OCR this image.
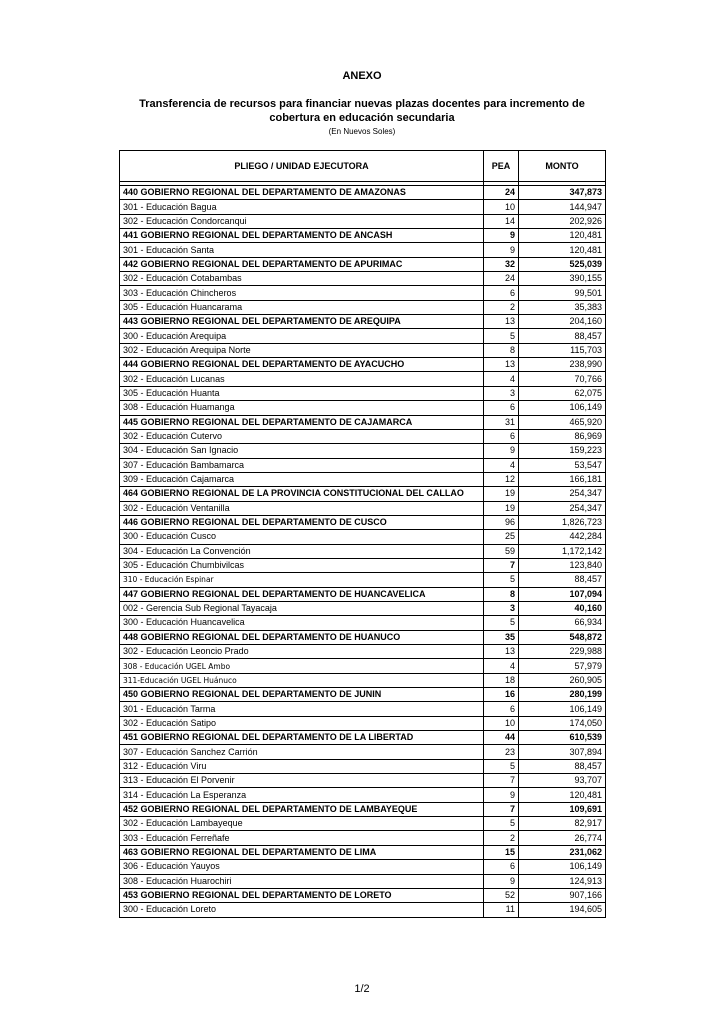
ANEXO
Transferencia de recursos para financiar nuevas plazas docentes para incremento de
cobertura en educación secundaria
(En Nuevos Soles)
PLIEGO / UNIDAD EJECUTORA	PEA	MONTO

440 GOBIERNO REGIONAL DEL DEPARTAMENTO DE AMAZONAS	24	347,873
301 - Educación Bagua	10	144,947
302 - Educación Condorcanqui	14	202,926
441 GOBIERNO REGIONAL DEL DEPARTAMENTO DE ANCASH	9	120,481
301 - Educación Santa	9	120,481
442 GOBIERNO REGIONAL DEL DEPARTAMENTO DE APURIMAC	32	525,039
302 - Educación Cotabambas	24	390,155
303 - Educación Chincheros	6	99,501
305 - Educación Huancarama	2	35,383
443 GOBIERNO REGIONAL DEL DEPARTAMENTO DE AREQUIPA	13	204,160
300 - Educación Arequipa	5	88,457
302 - Educación Arequipa Norte	8	115,703
444 GOBIERNO REGIONAL DEL DEPARTAMENTO DE AYACUCHO	13	238,990
302 - Educación Lucanas	4	70,766
305 - Educación Huanta	3	62,075
308 - Educación Huamanga	6	106,149
445 GOBIERNO REGIONAL DEL DEPARTAMENTO DE CAJAMARCA	31	465,920
302 - Educación Cutervo	6	86,969
304 - Educación San Ignacio	9	159,223
307 - Educación Bambamarca	4	53,547
309 - Educación Cajamarca	12	166,181
464 GOBIERNO REGIONAL DE LA PROVINCIA CONSTITUCIONAL DEL CALLAO	19	254,347
302 - Educación Ventanilla	19	254,347
446 GOBIERNO REGIONAL DEL DEPARTAMENTO DE CUSCO	96	1,826,723
300 - Educación Cusco	25	442,284
304 - Educación La Convención	59	1,172,142
305 - Educación Chumbivilcas	7	123,840
310 - Educación Espinar	5	88,457
447 GOBIERNO REGIONAL DEL DEPARTAMENTO DE HUANCAVELICA	8	107,094
002 - Gerencia Sub Regional Tayacaja	3	40,160
300 - Educación Huancavelica	5	66,934
448 GOBIERNO REGIONAL DEL DEPARTAMENTO DE HUANUCO	35	548,872
302 - Educación Leoncio Prado	13	229,988
308 - Educación UGEL Ambo	4	57,979
311-Educación UGEL Huánuco	18	260,905
450 GOBIERNO REGIONAL DEL DEPARTAMENTO DE JUNIN	16	280,199
301 - Educación Tarma	6	106,149
302 - Educación Satipo	10	174,050
451 GOBIERNO REGIONAL DEL DEPARTAMENTO DE LA LIBERTAD	44	610,539
307 - Educación Sanchez Carrión	23	307,894
312 - Educación Viru	5	88,457
313 - Educación El Porvenir	7	93,707
314 - Educación La Esperanza	9	120,481
452 GOBIERNO REGIONAL DEL DEPARTAMENTO DE LAMBAYEQUE	7	109,691
302 - Educación Lambayeque	5	82,917
303 - Educación Ferreñafe	2	26,774
463 GOBIERNO REGIONAL DEL DEPARTAMENTO DE LIMA	15	231,062
306 - Educación Yauyos	6	106,149
308 - Educación Huarochiri	9	124,913
453 GOBIERNO REGIONAL DEL DEPARTAMENTO DE LORETO	52	907,166
300 - Educación Loreto	11	194,605
1/2
